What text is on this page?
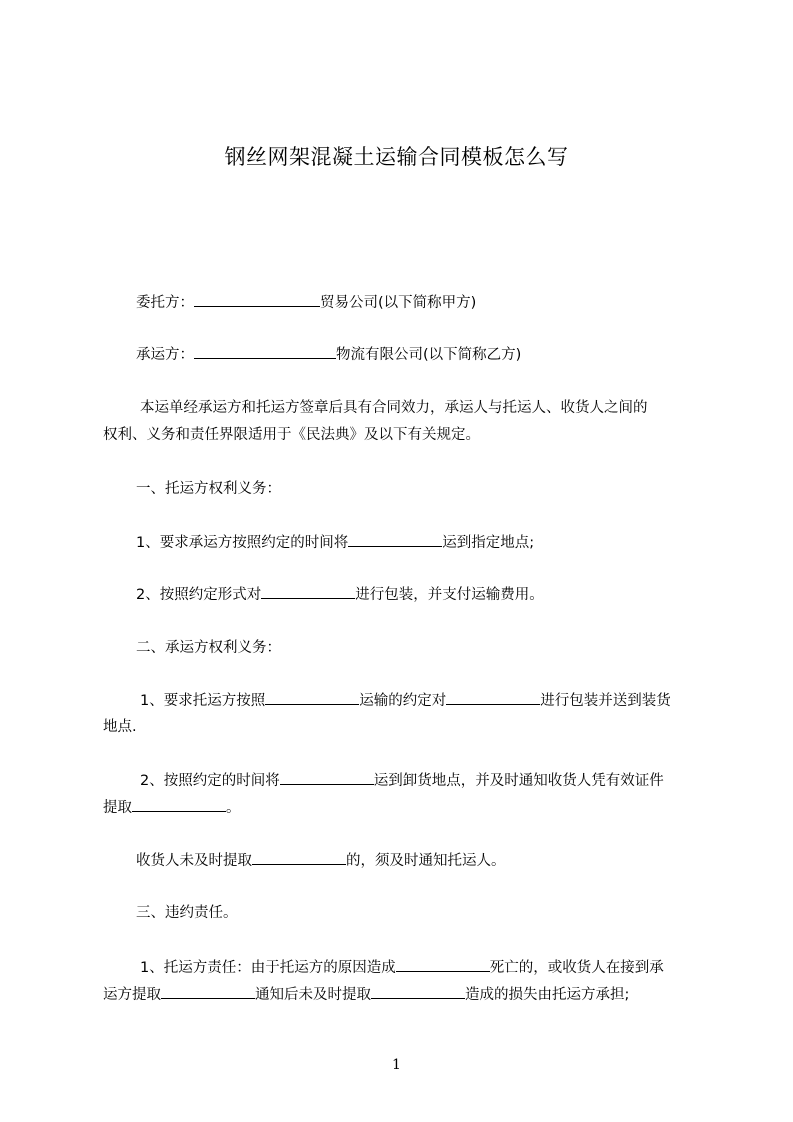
钢丝网架混凝土运输合同模板怎么写
委托方：	贸易公司(以下简称甲方)
承运方：	物流有限公司(以下简称乙方)
本运单经承运方和托运方签章后具有合同效力，承运人与托运人、收货人之间的
权利、义务和责任界限适用于《民法典》及以下有关规定。
一、托运方权利义务：
1、要求承运方按照约定的时间将	运到指定地点;
2、按照约定形式对	进行包装，并支付运输费用。
二、承运方权利义务：
1、要求托运方按照	运输的约定对	进行包装并送到装货
地点.
2、按照约定的时间将	运到卸货地点，并及时通知收货人凭有效证件
提取	。
收货人未及时提取	的，须及时通知托运人。
三、违约责任。
1、托运方责任：由于托运方的原因造成	死亡的，或收货人在接到承
运方提取	通知后未及时提取	造成的损失由托运方承担;
1
